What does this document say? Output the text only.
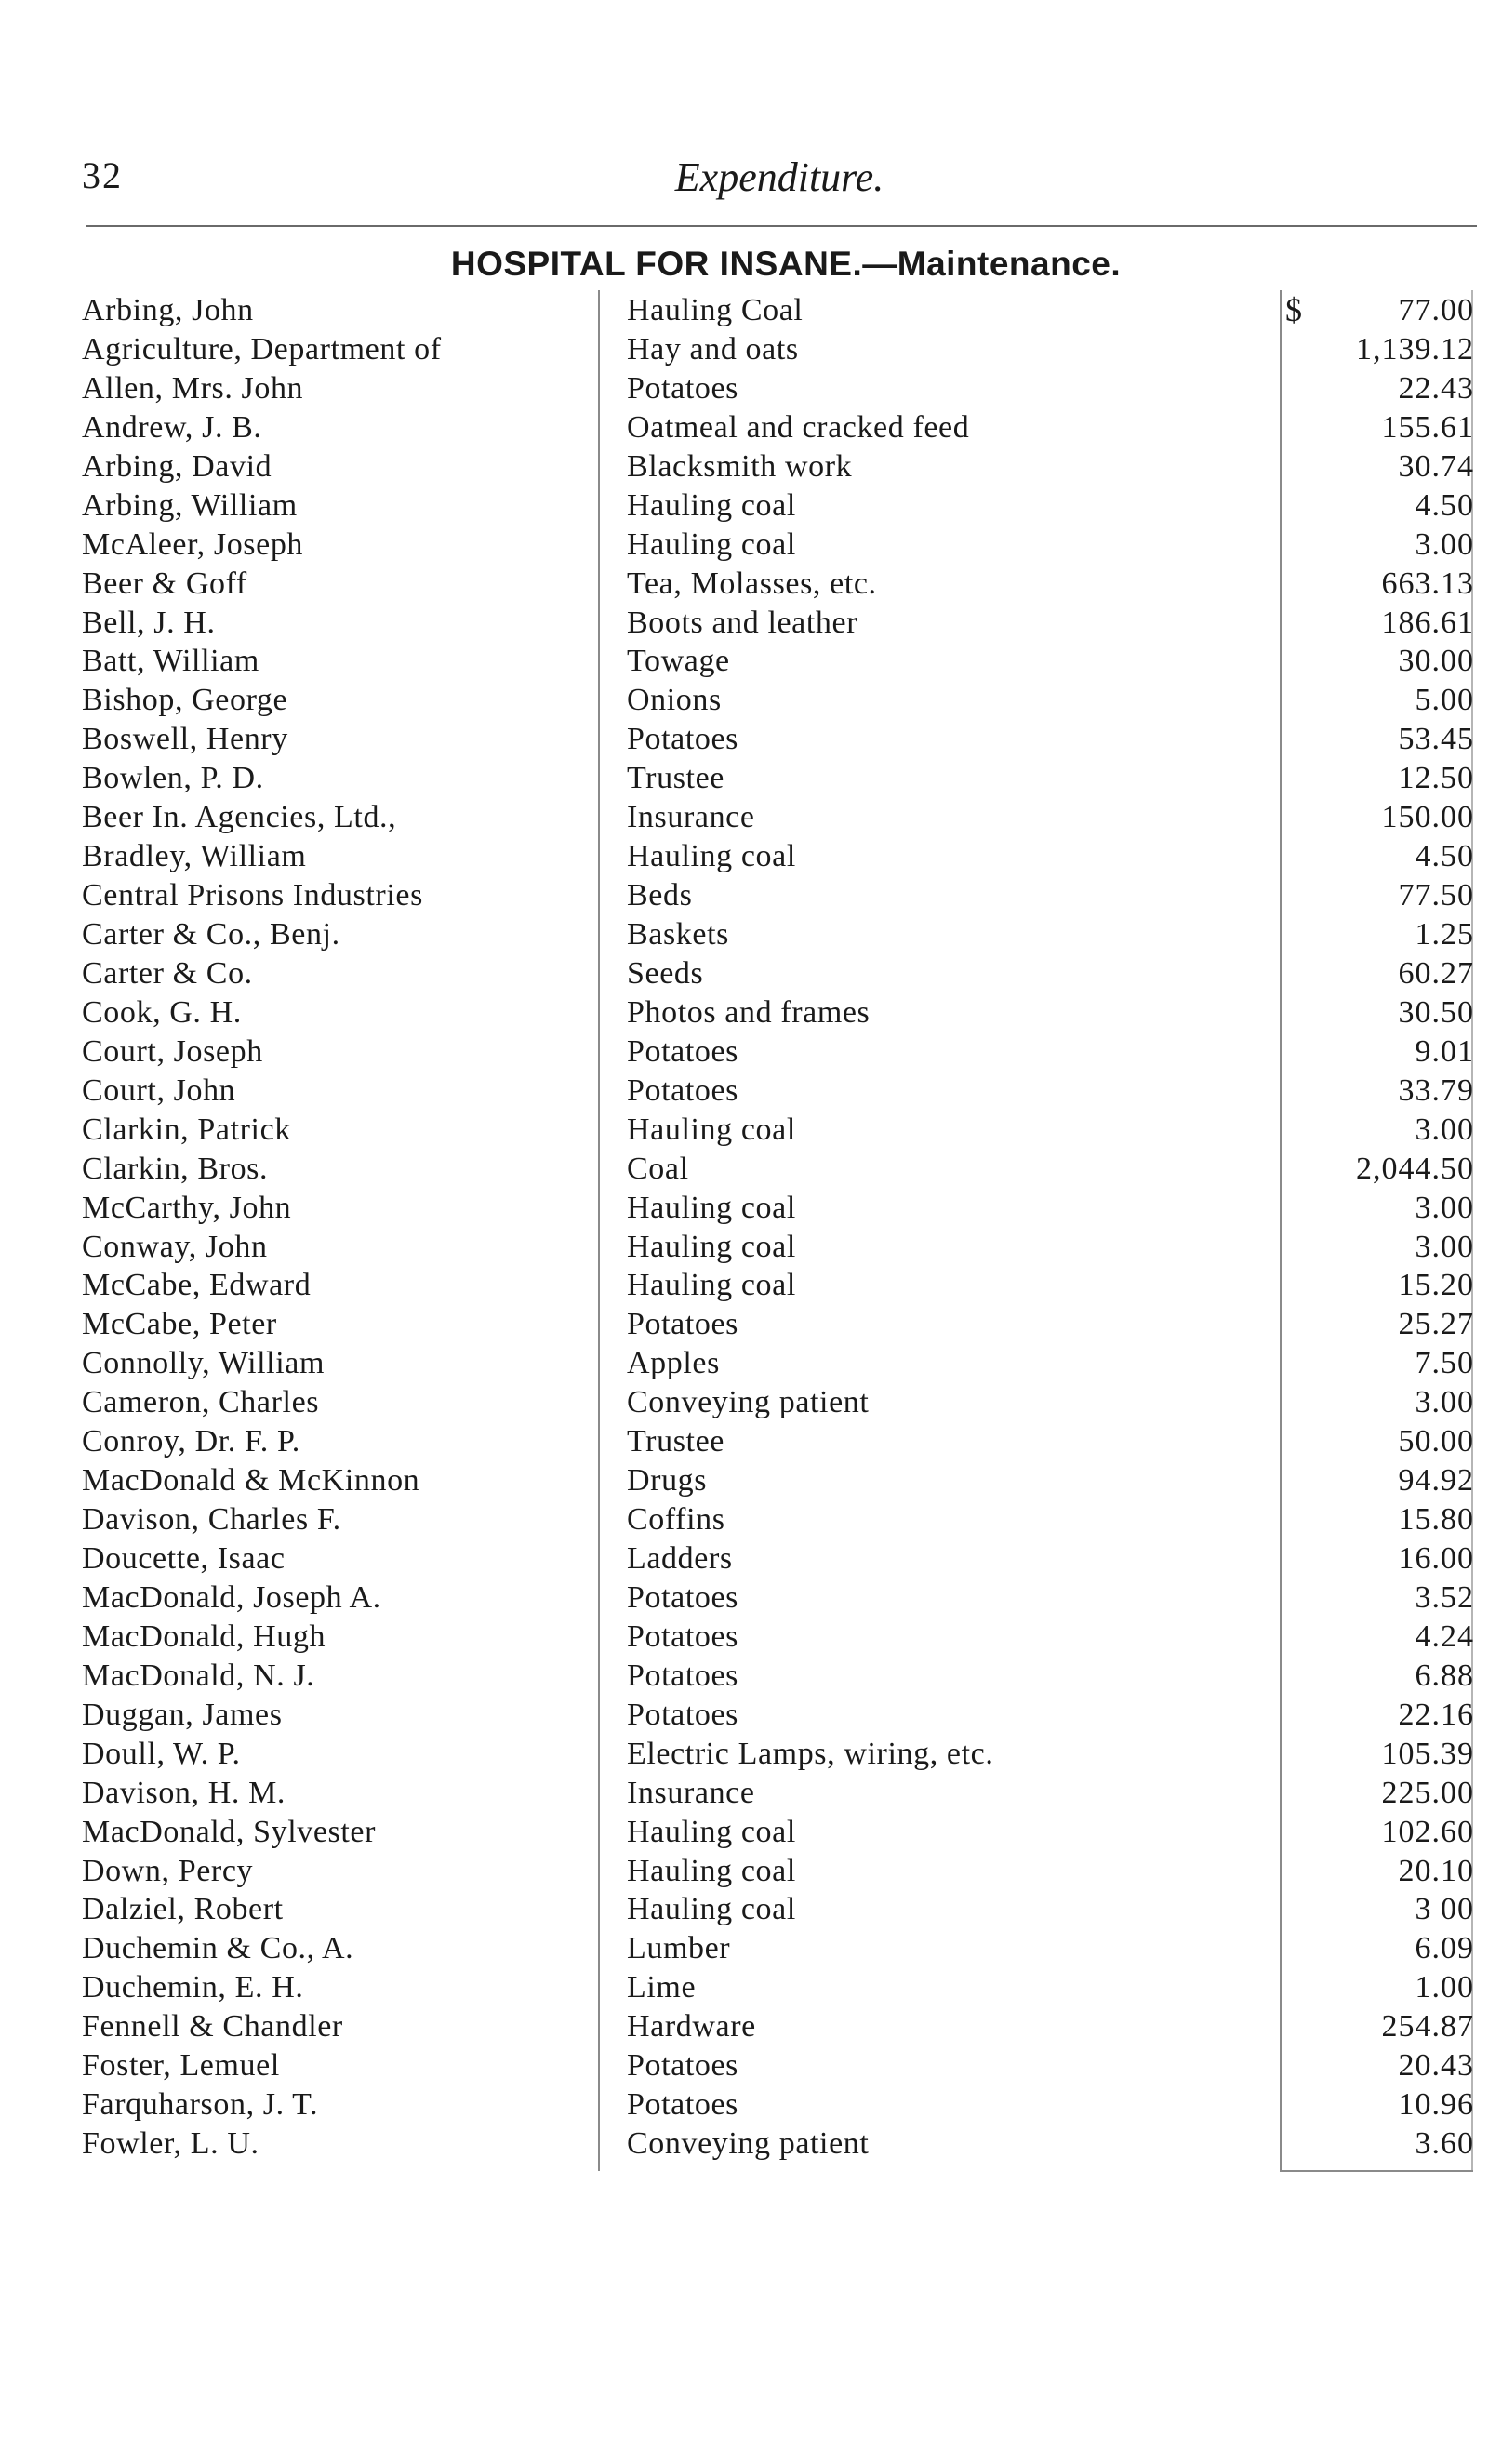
32	Expenditure.
HOSPITAL FOR INSANE.—Maintenance.
Arbing, John	Hauling Coal	$	77.00
Agriculture, Department of	Hay and oats	1,139.12
Allen, Mrs. John	Potatoes	22.43
Andrew, J. B.	Oatmeal and cracked feed	155.61
Arbing, David	Blacksmith work	30.74
Arbing, William	Hauling coal	4.50
McAleer, Joseph	Hauling coal	3.00
Beer & Goff	Tea, Molasses, etc.	663.13
Bell, J. H.	Boots and leather	186.61
Batt, William	Towage	30.00
Bishop, George	Onions	5.00
Boswell, Henry	Potatoes	53.45
Bowlen, P. D.	Trustee	12.50
Beer In. Agencies, Ltd.,	Insurance	150.00
Bradley, William	Hauling coal	4.50
Central Prisons Industries	Beds	77.50
Carter & Co., Benj.	Baskets	1.25
Carter & Co.	Seeds	60.27
Cook, G. H.	Photos and frames	30.50
Court, Joseph	Potatoes	9.01
Court, John	Potatoes	33.79
Clarkin, Patrick	Hauling coal	3.00
Clarkin, Bros.	Coal	2,044.50
McCarthy, John	Hauling coal	3.00
Conway, John	Hauling coal	3.00
McCabe, Edward	Hauling coal	15.20
McCabe, Peter	Potatoes	25.27
Connolly, William	Apples	7.50
Cameron, Charles	Conveying patient	3.00
Conroy, Dr. F. P.	Trustee	50.00
MacDonald & McKinnon	Drugs	94.92
Davison, Charles F.	Coffins	15.80
Doucette, Isaac	Ladders	16.00
MacDonald, Joseph A.	Potatoes	3.52
MacDonald, Hugh	Potatoes	4.24
MacDonald, N. J.	Potatoes	6.88
Duggan, James	Potatoes	22.16
Doull, W. P.	Electric Lamps, wiring, etc.	105.39
Davison, H. M.	Insurance	225.00
MacDonald, Sylvester	Hauling coal	102.60
Down, Percy	Hauling coal	20.10
Dalziel, Robert	Hauling coal	3 00
Duchemin & Co., A.	Lumber	6.09
Duchemin, E. H.	Lime	1.00
Fennell & Chandler	Hardware	254.87
Foster, Lemuel	Potatoes	20.43
Farquharson, J. T.	Potatoes	10.96
Fowler, L. U.	Conveying patient	3.60
